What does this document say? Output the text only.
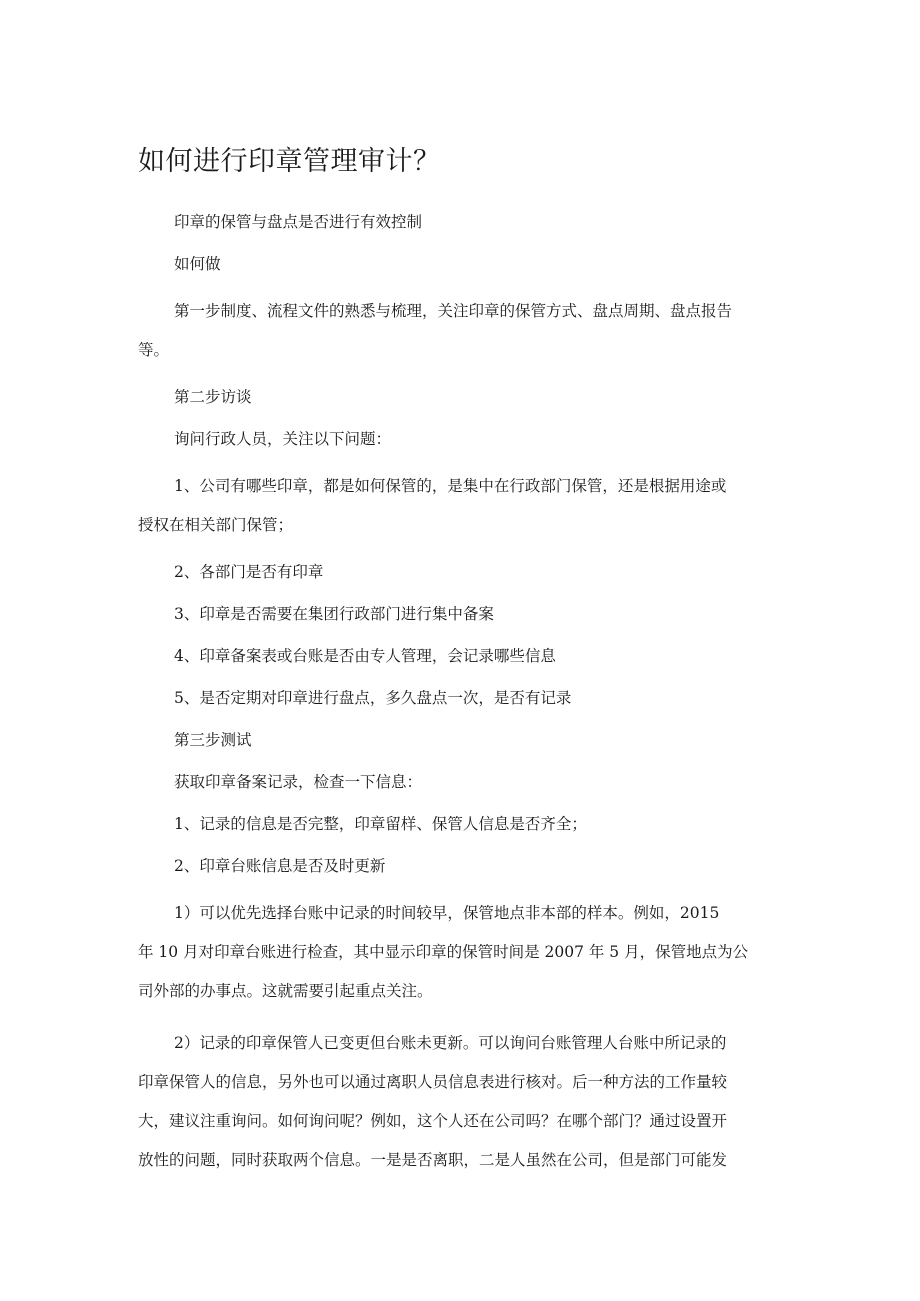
如何进行印章管理审计？

印章的保管与盘点是否进行有效控制

如何做

第一步制度、流程文件的熟悉与梳理，关注印章的保管方式、盘点周期、盘点报告
等。

第二步访谈

询问行政人员，关注以下问题：

1、公司有哪些印章，都是如何保管的，是集中在行政部门保管，还是根据用途或
授权在相关部门保管；

2、各部门是否有印章

3、印章是否需要在集团行政部门进行集中备案

4、印章备案表或台账是否由专人管理，会记录哪些信息

5、是否定期对印章进行盘点，多久盘点一次，是否有记录

第三步测试

获取印章备案记录，检查一下信息：

1、记录的信息是否完整，印章留样、保管人信息是否齐全；

2、印章台账信息是否及时更新

1）可以优先选择台账中记录的时间较早，保管地点非本部的样本。例如，2015
年 10 月对印章台账进行检查，其中显示印章的保管时间是 2007 年 5 月，保管地点为公
司外部的办事点。这就需要引起重点关注。

2）记录的印章保管人已变更但台账未更新。可以询问台账管理人台账中所记录的
印章保管人的信息，另外也可以通过离职人员信息表进行核对。后一种方法的工作量较
大，建议注重询问。如何询问呢？例如，这个人还在公司吗？在哪个部门？通过设置开
放性的问题，同时获取两个信息。一是是否离职，二是人虽然在公司，但是部门可能发
